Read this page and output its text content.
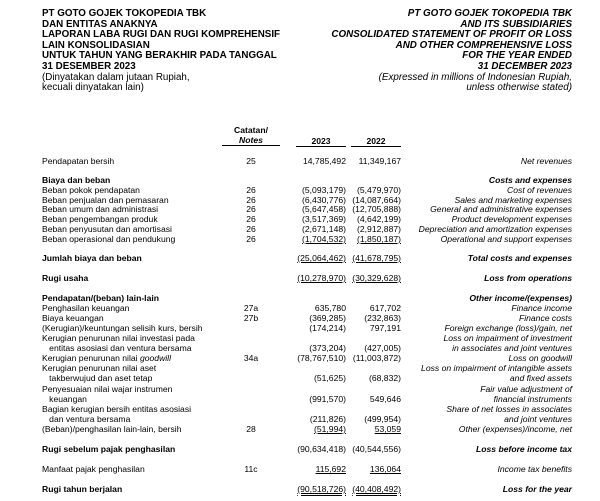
PT GOTO GOJEK TOKOPEDIA TBK
DAN ENTITAS ANAKNYA
LAPORAN LABA RUGI DAN RUGI KOMPREHENSIF
LAIN KONSOLIDASIAN
UNTUK TAHUN YANG BERAKHIR PADA TANGGAL
31 DESEMBER 2023
(Dinyatakan dalam jutaan Rupiah,
kecuali dinyatakan lain)
PT GOTO GOJEK TOKOPEDIA TBK
AND ITS SUBSIDIARIES
CONSOLIDATED STATEMENT OF PROFIT OR LOSS
AND OTHER COMPREHENSIVE LOSS
FOR THE YEAR ENDED
31 DECEMBER 2023
(Expressed in millions of Indonesian Rupiah,
unless otherwise stated)
Catatan/
Notes	2023	2022
Pendapatan bersih	25	14,785,492	11,349,167	Net revenues
Biaya dan beban	Costs and expenses
Beban pokok pendapatan	26	(5,093,179)	(5,479,970)	Cost of revenues
Beban penjualan dan pemasaran	26	(6,430,776) (14,087,664)	Sales and marketing expenses
Beban umum dan administrasi	26	(5,647,458) (12,705,888)	General and administrative expenses
Beban pengembangan produk	26	(3,517,369)	(4,642,199)	Product development expenses
Beban penyusutan dan amortisasi	26	(2,671,148)	(2,912,887) Depreciation and amortization expenses
Beban operasional dan pendukung	26	(1,704,532)	(1,850,187)	Operational and support expenses
Jumlah biaya dan beban	(25,064,462) (41,678,795)	Total costs and expenses
Rugi usaha	(10,278,970) (30,329,628)	Loss from operations
Pendapatan/(beban) lain-lain	Other income/(expenses)
Penghasilan keuangan	27a	635,780	617,702	Finance income
Biaya keuangan	27b	(369,285)	(232,863)	Finance costs
(Kerugian)/keuntungan selisih kurs, bersih	(174,214)	797,191	Foreign exchange (loss)/gain, net
Kerugian penurunan nilai investasi pada	Loss on impairment of investment
entitas asosiasi dan ventura bersama	(373,204)	(427,005)	in associates and joint ventures
Kerugian penurunan nilai goodwill	34a	(78,767,510) (11,003,872)	Loss on goodwill
Kerugian penurunan nilai aset	Loss on impairment of intangible assets
takberwujud dan aset tetap	(51,625)	(68,832)	and fixed assets
Penyesuaian nilai wajar instrumen	Fair value adjustment of
keuangan	(991,570)	549,646	financial instruments
Bagian kerugian bersih entitas asosiasi	Share of net losses in associates
dan ventura bersama	(211,826)	(499,954)	and joint ventures
(Beban)/penghasilan lain-lain, bersih	28	(51,994)	53,059	Other (expenses)/income, net
Rugi sebelum pajak penghasilan	(90,634,418) (40,544,556)	Loss before income tax
Manfaat pajak penghasilan	11c	115,692	136,064	Income tax benefits
Rugi tahun berjalan	(90,518,726) (40,408,492)	Loss for the year
